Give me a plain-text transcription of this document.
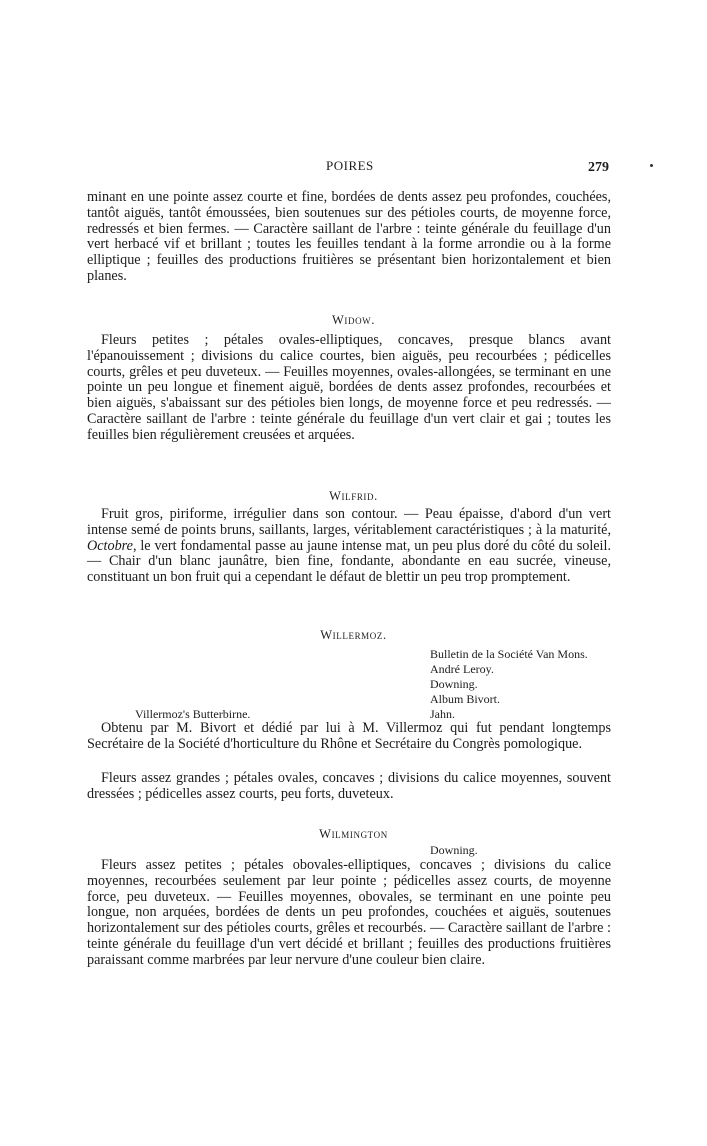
POIRES	279

minant en une pointe assez courte et fine, bordées de dents assez peu profondes, couchées, tantôt aiguës, tantôt émoussées, bien soutenues sur des pétioles courts, de moyenne force, redressés et bien fermes. — Caractère saillant de l'arbre : teinte générale du feuillage d'un vert herbacé vif et brillant ; toutes les feuilles tendant à la forme arrondie ou à la forme elliptique ; feuilles des productions fruitières se présentant bien horizontalement et bien planes.

Widow.

Fleurs petites ; pétales ovales-elliptiques, concaves, presque blancs avant l'épanouissement ; divisions du calice courtes, bien aiguës, peu recourbées ; pédicelles courts, grêles et peu duveteux. — Feuilles moyennes, ovales-allongées, se terminant en une pointe un peu longue et finement aiguë, bordées de dents assez profondes, recourbées et bien aiguës, s'abaissant sur des pétioles bien longs, de moyenne force et peu redressés. — Caractère saillant de l'arbre : teinte générale du feuillage d'un vert clair et gai ; toutes les feuilles bien régulièrement creusées et arquées.

Wilfrid.

Fruit gros, piriforme, irrégulier dans son contour. — Peau épaisse, d'abord d'un vert intense semé de points bruns, saillants, larges, véritablement caractéristiques ; à la maturité, Octobre, le vert fondamental passe au jaune intense mat, un peu plus doré du côté du soleil. — Chair d'un blanc jaunâtre, bien fine, fondante, abondante en eau sucrée, vineuse, constituant un bon fruit qui a cependant le défaut de blettir un peu trop promptement.

Willermoz.

Bulletin de la Société Van Mons.
André Leroy.
Downing.
Album Bivort.
Jahn.
Villermoz's Butterbirne.

Obtenu par M. Bivort et dédié par lui à M. Villermoz qui fut pendant longtemps Secrétaire de la Société d'horticulture du Rhône et Secrétaire du Congrès pomologique.

Fleurs assez grandes ; pétales ovales, concaves ; divisions du calice moyennes, souvent dressées ; pédicelles assez courts, peu forts, duveteux.

Wilmington

Downing.

Fleurs assez petites ; pétales obovales-elliptiques, concaves ; divisions du calice moyennes, recourbées seulement par leur pointe ; pédicelles assez courts, de moyenne force, peu duveteux. — Feuilles moyennes, obovales, se terminant en une pointe peu longue, non arquées, bordées de dents un peu profondes, couchées et aiguës, soutenues horizontalement sur des pétioles courts, grêles et recourbés. — Caractère saillant de l'arbre : teinte générale du feuillage d'un vert décidé et brillant ; feuilles des productions fruitières paraissant comme marbrées par leur nervure d'une couleur bien claire.
